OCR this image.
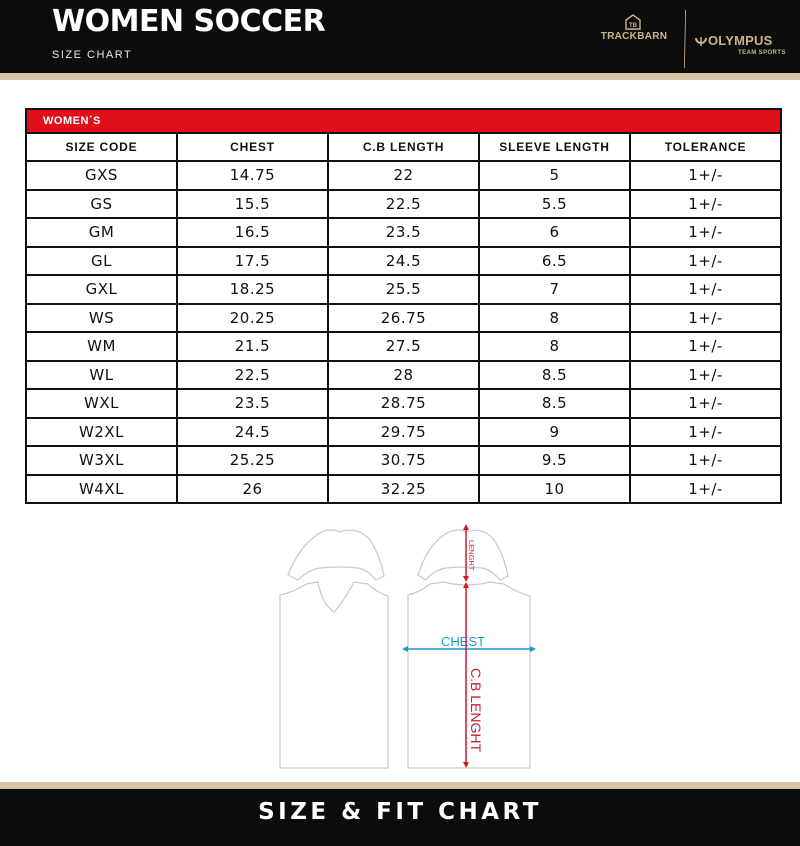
WOMEN SOCCER
SIZE CHART
TB
TRACKBARN	OLYMPUS
TEAM SPORTS
WOMEN´S				
SIZE CODE	CHEST	C.B LENGTH	SLEEVE LENGTH	TOLERANCE
GXS	14.75	22	5	1+/-
GS	15.5	22.5	5.5	1+/-
GM	16.5	23.5	6	1+/-
GL	17.5	24.5	6.5	1+/-
GXL	18.25	25.5	7	1+/-
WS	20.25	26.75	8	1+/-
WM	21.5	27.5	8	1+/-
WL	22.5	28	8.5	1+/-
WXL	23.5	28.75	8.5	1+/-
W2XL	24.5	29.75	9	1+/-
W3XL	25.25	30.75	9.5	1+/-
W4XL	26	32.25	10	1+/-
LENGHT
CHEST
C.B LENGHT
SIZE & FIT CHART
